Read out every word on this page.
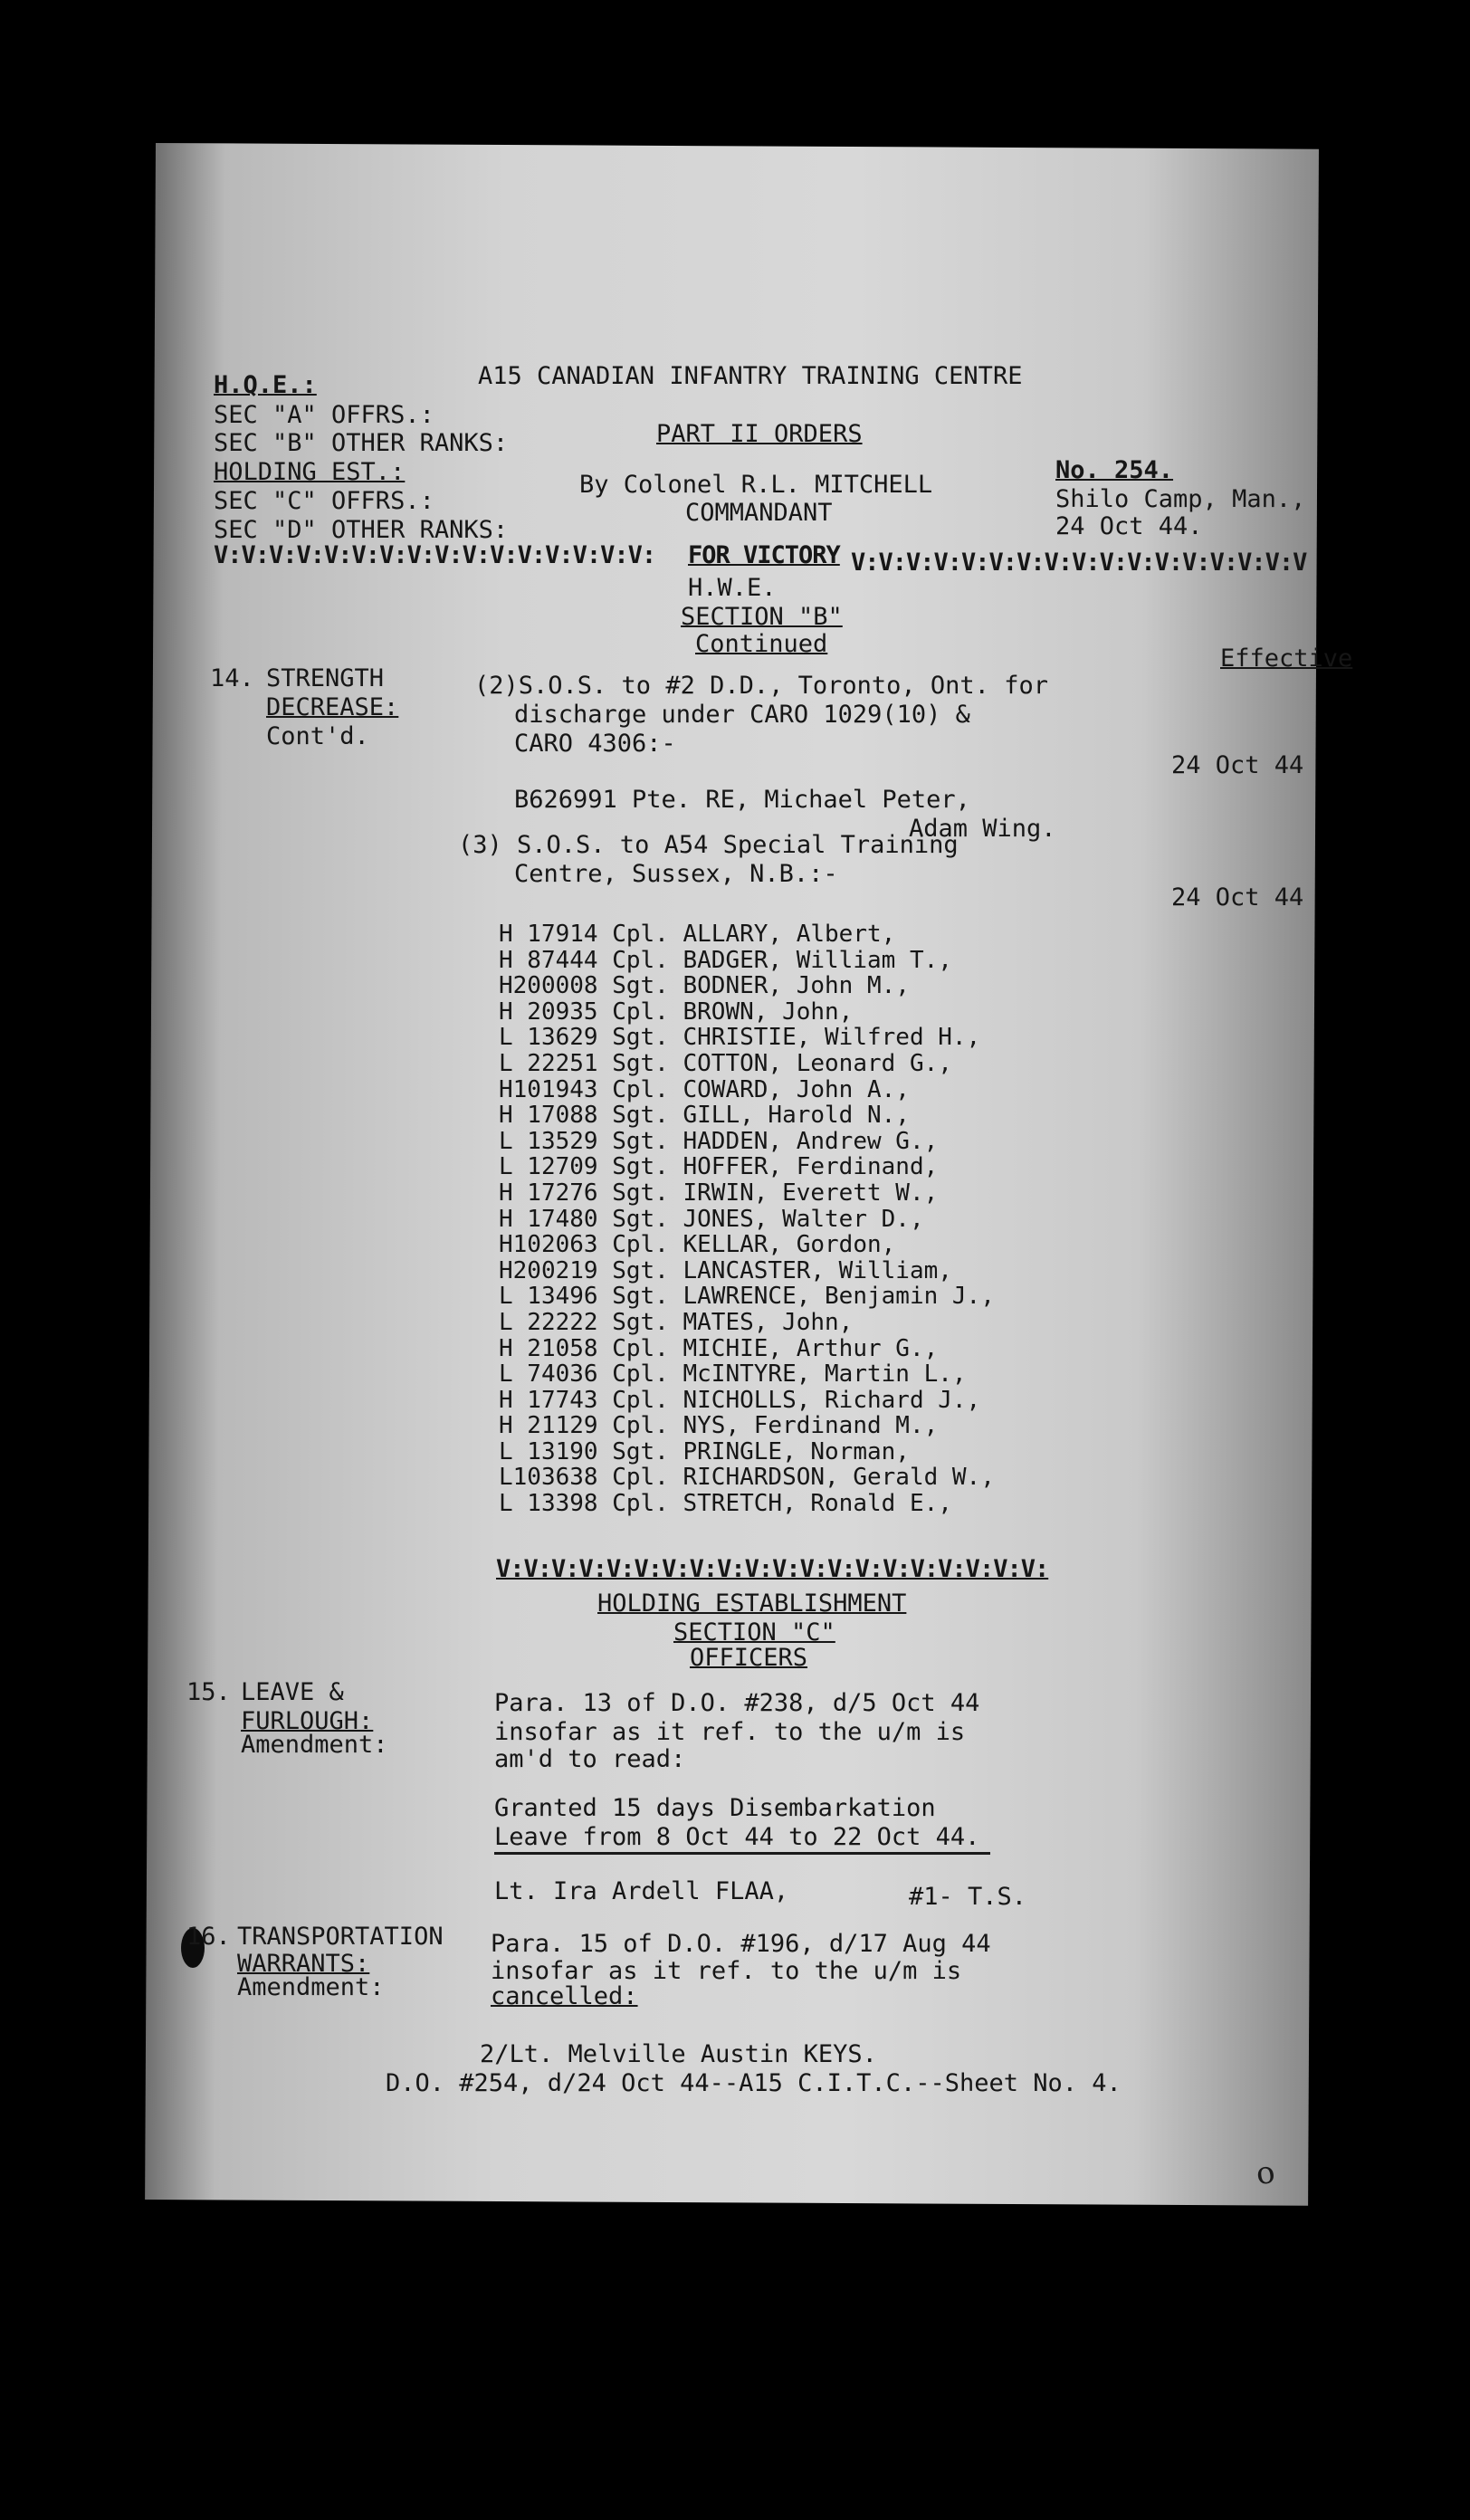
H.Q.E.:
SEC "A" OFFRS.:
SEC "B" OTHER RANKS:
HOLDING EST.:
SEC "C" OFFRS.:
SEC "D" OTHER RANKS:
A15 CANADIAN INFANTRY TRAINING CENTRE
PART II ORDERS
By Colonel R.L. MITCHELL
COMMANDANT
No. 254.
Shilo Camp, Man.,
24 Oct 44.
V:V:V:V:V:V:V:V:V:V:V:V:V:V:V:V: FOR VICTORY V:V:V:V:V:V:V:V:V:V:V:V:V:V:V:V:V
H.W.E.
SECTION "B"
Continued
Effective
14. STRENGTH
DECREASE:
Cont'd.
(2)S.O.S. to #2 D.D., Toronto, Ont. for
discharge under CARO 1029(10) &
CARO 4306:-
24 Oct 44
B626991 Pte. RE, Michael Peter,
Adam Wing.
(3) S.O.S. to A54 Special Training
Centre, Sussex, N.B.:-
24 Oct 44
H 17914 Cpl. ALLARY, Albert,
H 87444 Cpl. BADGER, William T.,
H200008 Sgt. BODNER, John M.,
H 20935 Cpl. BROWN, John,
L 13629 Sgt. CHRISTIE, Wilfred H.,
L 22251 Sgt. COTTON, Leonard G.,
H101943 Cpl. COWARD, John A.,
H 17088 Sgt. GILL, Harold N.,
L 13529 Sgt. HADDEN, Andrew G.,
L 12709 Sgt. HOFFER, Ferdinand,
H 17276 Sgt. IRWIN, Everett W.,
H 17480 Sgt. JONES, Walter D.,
H102063 Cpl. KELLAR, Gordon,
H200219 Sgt. LANCASTER, William,
L 13496 Sgt. LAWRENCE, Benjamin J.,
L 22222 Sgt. MATES, John,
H 21058 Cpl. MICHIE, Arthur G.,
L 74036 Cpl. McINTYRE, Martin L.,
H 17743 Cpl. NICHOLLS, Richard J.,
H 21129 Cpl. NYS, Ferdinand M.,
L 13190 Sgt. PRINGLE, Norman,
L103638 Cpl. RICHARDSON, Gerald W.,
L 13398 Cpl. STRETCH, Ronald E.,
V:V:V:V:V:V:V:V:V:V:V:V:V:V:V:V:V:V:V:V:
HOLDING ESTABLISHMENT
SECTION "C"
OFFICERS
15. LEAVE &
FURLOUGH:
Amendment:
Para. 13 of D.O. #238, d/5 Oct 44
insofar as it ref. to the u/m is
am'd to read:
Granted 15 days Disembarkation
Leave from 8 Oct 44 to 22 Oct 44.
Lt. Ira Ardell FLAA,	#1- T.S.
16. TRANSPORTATION
WARRANTS:
Amendment:
Para. 15 of D.O. #196, d/17 Aug 44
insofar as it ref. to the u/m is
cancelled:
2/Lt. Melville Austin KEYS.
D.O. #254, d/24 Oct 44--A15 C.I.T.C.--Sheet No. 4.
o
